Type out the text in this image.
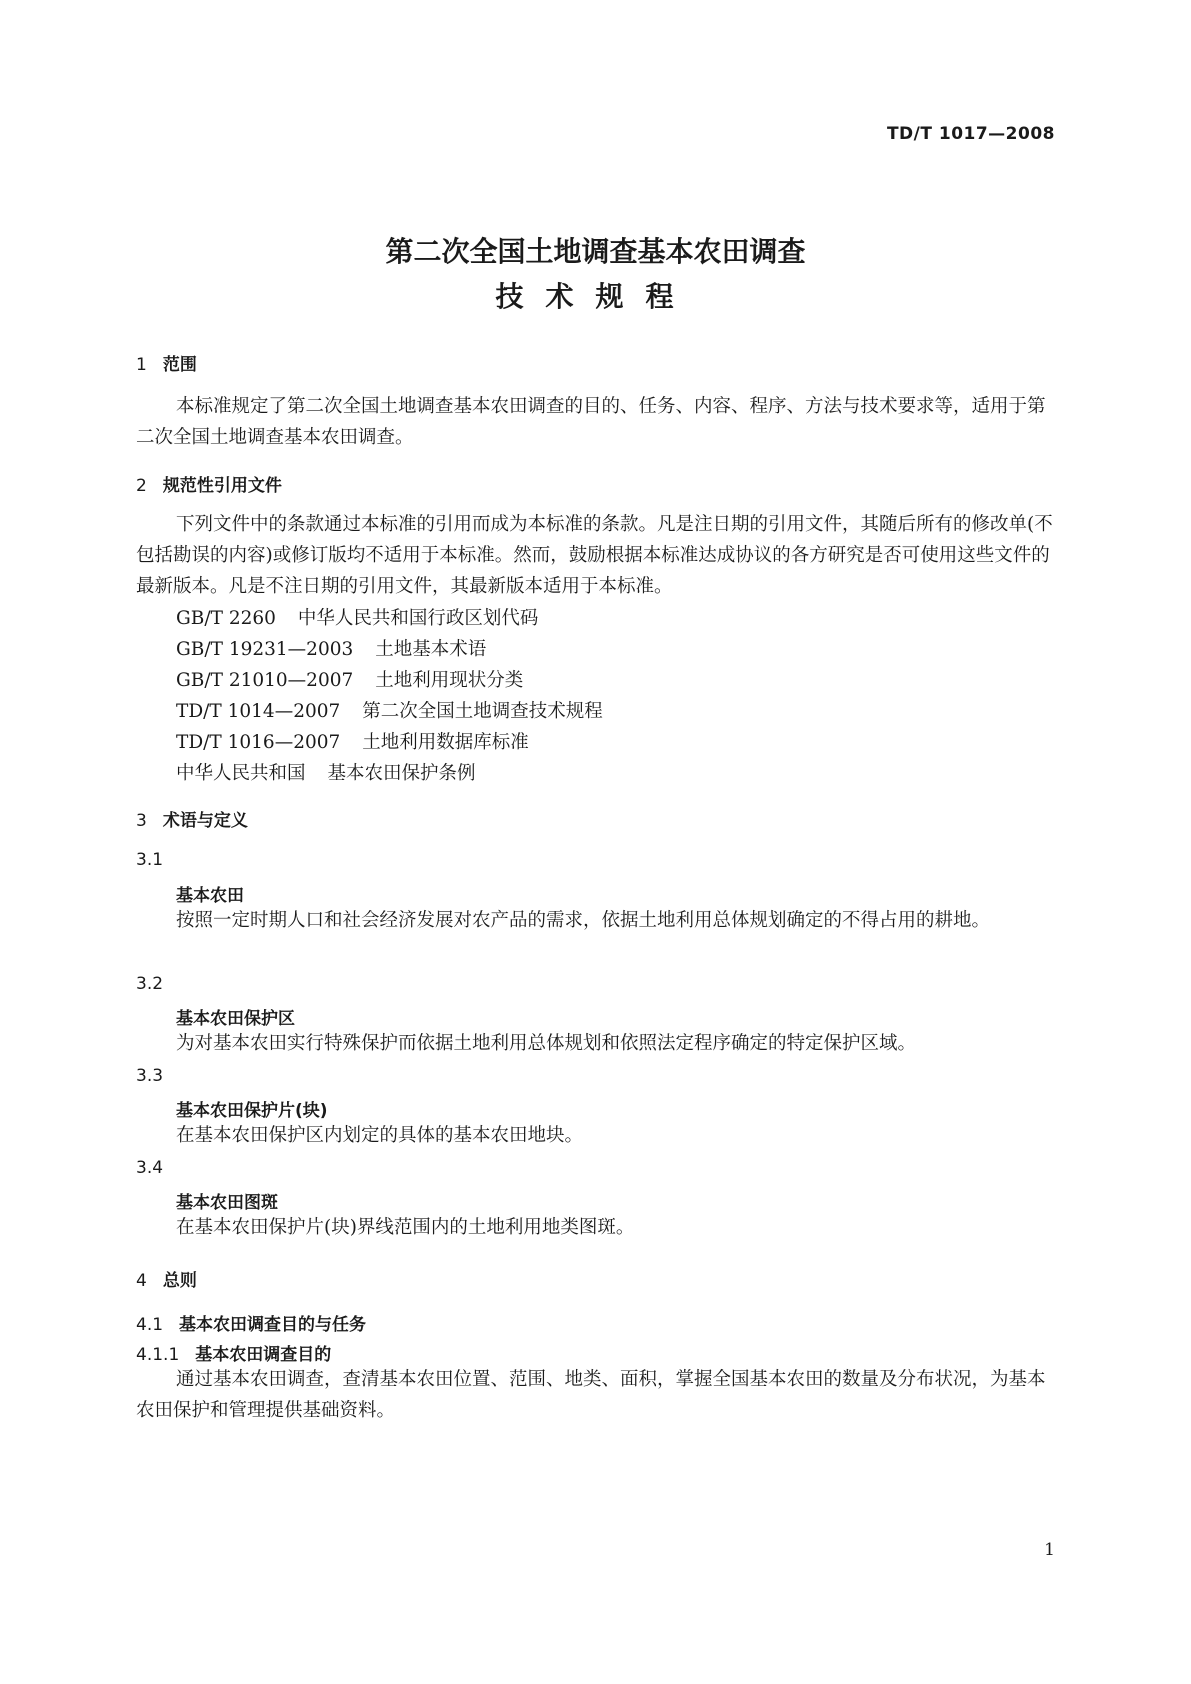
TD/T 1017—2008
第二次全国土地调查基本农田调查
技术规程
1 范围
本标准规定了第二次全国土地调查基本农田调查的目的、任务、内容、程序、方法与技术要求等，适用于第二次全国土地调查基本农田调查。
2 规范性引用文件
下列文件中的条款通过本标准的引用而成为本标准的条款。凡是注日期的引用文件，其随后所有的修改单(不包括勘误的内容)或修订版均不适用于本标准。然而，鼓励根据本标准达成协议的各方研究是否可使用这些文件的最新版本。凡是不注日期的引用文件，其最新版本适用于本标准。
GB/T 2260 中华人民共和国行政区划代码
GB/T 19231—2003 土地基本术语
GB/T 21010—2007 土地利用现状分类
TD/T 1014—2007 第二次全国土地调查技术规程
TD/T 1016—2007 土地利用数据库标准
中华人民共和国 基本农田保护条例
3 术语与定义
3.1
基本农田
按照一定时期人口和社会经济发展对农产品的需求，依据土地利用总体规划确定的不得占用的耕地。
3.2
基本农田保护区
为对基本农田实行特殊保护而依据土地利用总体规划和依照法定程序确定的特定保护区域。
3.3
基本农田保护片(块)
在基本农田保护区内划定的具体的基本农田地块。
3.4
基本农田图斑
在基本农田保护片(块)界线范围内的土地利用地类图斑。
4 总则
4.1 基本农田调查目的与任务
4.1.1 基本农田调查目的
通过基本农田调查，查清基本农田位置、范围、地类、面积，掌握全国基本农田的数量及分布状况，为基本农田保护和管理提供基础资料。
1
